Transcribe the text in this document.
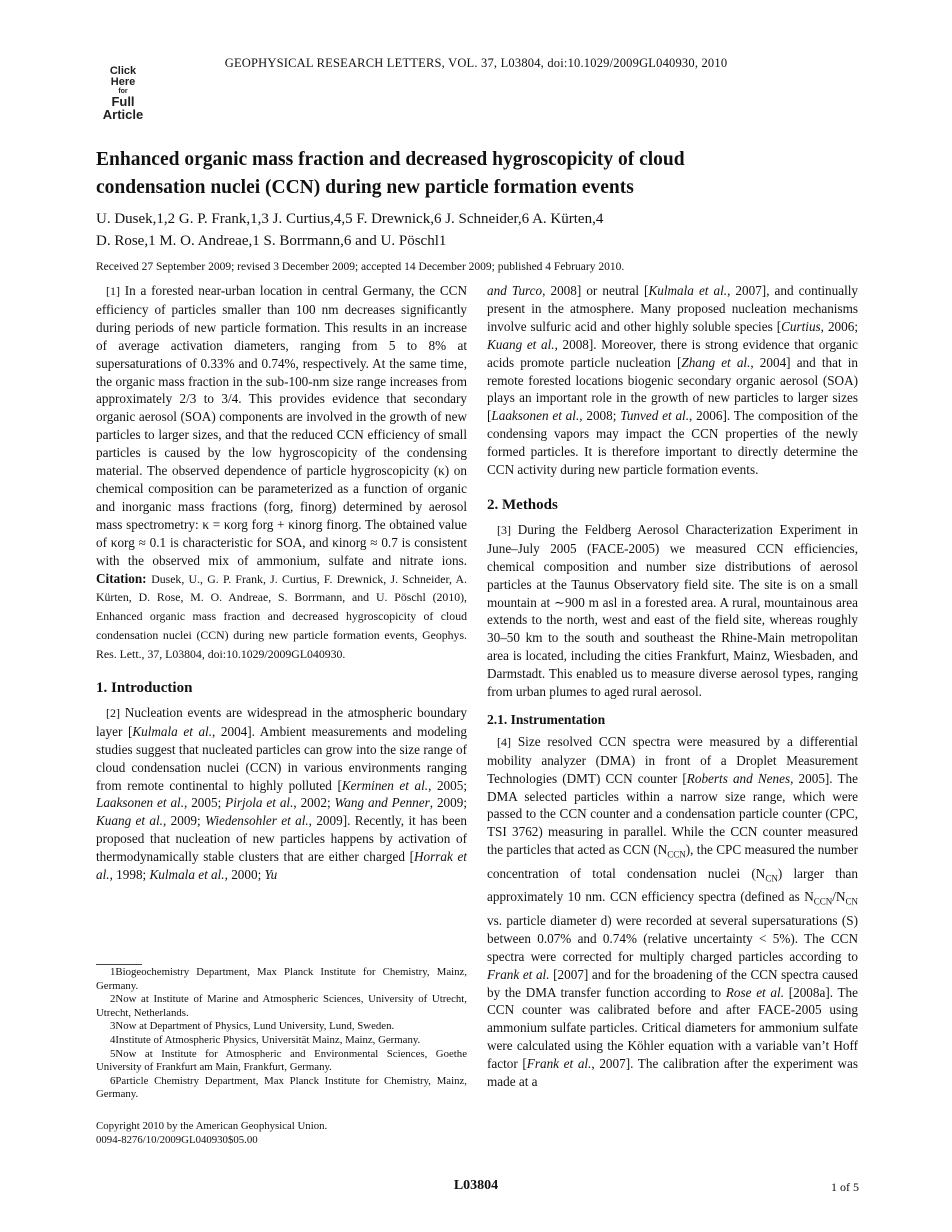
GEOPHYSICAL RESEARCH LETTERS, VOL. 37, L03804, doi:10.1029/2009GL040930, 2010
Click
Here
for
Full
Article
Enhanced organic mass fraction and decreased hygroscopicity of cloud
condensation nuclei (CCN) during new particle formation events
U. Dusek,1,2 G. P. Frank,1,3 J. Curtius,4,5 F. Drewnick,6 J. Schneider,6 A. Kürten,4
D. Rose,1 M. O. Andreae,1 S. Borrmann,6 and U. Pöschl1
Received 27 September 2009; revised 3 December 2009; accepted 14 December 2009; published 4 February 2010.

[1] In a forested near-urban location in central Germany, the CCN efficiency of particles smaller than 100 nm decreases significantly during periods of new particle formation. This results in an increase of average activation diameters, ranging from 5 to 8% at supersaturations of 0.33% and 0.74%, respectively. At the same time, the organic mass fraction in the sub-100-nm size range increases from approximately 2/3 to 3/4. This provides evidence that secondary organic aerosol (SOA) components are involved in the growth of new particles to larger sizes, and that the reduced CCN efficiency of small particles is caused by the low hygroscopicity of the condensing material. The observed dependence of particle hygroscopicity (κ) on chemical composition can be parameterized as a function of organic and inorganic mass fractions (forg, finorg) determined by aerosol mass spectrometry: κ = κorg forg + κinorg finorg. The obtained value of κorg ≈ 0.1 is characteristic for SOA, and κinorg ≈ 0.7 is consistent with the observed mix of ammonium, sulfate and nitrate ions. Citation: Dusek, U., G. P. Frank, J. Curtius, F. Drewnick, J. Schneider, A. Kürten, D. Rose, M. O. Andreae, S. Borrmann, and U. Pöschl (2010), Enhanced organic mass fraction and decreased hygroscopicity of cloud condensation nuclei (CCN) during new particle formation events, Geophys. Res. Lett., 37, L03804, doi:10.1029/2009GL040930.

1. Introduction

[2] Nucleation events are widespread in the atmospheric boundary layer [Kulmala et al., 2004]. Ambient measurements and modeling studies suggest that nucleated particles can grow into the size range of cloud condensation nuclei (CCN) in various environments ranging from remote continental to highly polluted [Kerminen et al., 2005; Laaksonen et al., 2005; Pirjola et al., 2002; Wang and Penner, 2009; Kuang et al., 2009; Wiedensohler et al., 2009]. Recently, it has been proposed that nucleation of new particles happens by activation of thermodynamically stable clusters that are either charged [Horrak et al., 1998; Kulmala et al., 2000; Yu

1Biogeochemistry Department, Max Planck Institute for Chemistry, Mainz, Germany.
2Now at Institute of Marine and Atmospheric Sciences, University of Utrecht, Utrecht, Netherlands.
3Now at Department of Physics, Lund University, Lund, Sweden.
4Institute of Atmospheric Physics, Universität Mainz, Mainz, Germany.
5Now at Institute for Atmospheric and Environmental Sciences, Goethe University of Frankfurt am Main, Frankfurt, Germany.
6Particle Chemistry Department, Max Planck Institute for Chemistry, Mainz, Germany.
Copyright 2010 by the American Geophysical Union.
0094-8276/10/2009GL040930$05.00

and Turco, 2008] or neutral [Kulmala et al., 2007], and continually present in the atmosphere. Many proposed nucleation mechanisms involve sulfuric acid and other highly soluble species [Curtius, 2006; Kuang et al., 2008]. Moreover, there is strong evidence that organic acids promote particle nucleation [Zhang et al., 2004] and that in remote forested locations biogenic secondary organic aerosol (SOA) plays an important role in the growth of new particles to larger sizes [Laaksonen et al., 2008; Tunved et al., 2006]. The composition of the condensing vapors may impact the CCN properties of the newly formed particles. It is therefore important to directly determine the CCN activity during new particle formation events.

2. Methods

[3] During the Feldberg Aerosol Characterization Experiment in June–July 2005 (FACE-2005) we measured CCN efficiencies, chemical composition and number size distributions of aerosol particles at the Taunus Observatory field site. The site is on a small mountain at ∼900 m asl in a forested area. A rural, mountainous area extends to the north, west and east of the field site, whereas roughly 30–50 km to the south and southeast the Rhine-Main metropolitan area is located, including the cities Frankfurt, Mainz, Wiesbaden, and Darmstadt. This enabled us to measure diverse aerosol types, ranging from urban plumes to aged rural aerosol.

2.1. Instrumentation

[4] Size resolved CCN spectra were measured by a differential mobility analyzer (DMA) in front of a Droplet Measurement Technologies (DMT) CCN counter [Roberts and Nenes, 2005]. The DMA selected particles within a narrow size range, which were passed to the CCN counter and a condensation particle counter (CPC, TSI 3762) measuring in parallel. While the CCN counter measured the particles that acted as CCN $(N_{CCN})$, the CPC measured the number concentration of total condensation nuclei $(N_{CN})$ larger than approximately 10 nm. CCN efficiency spectra (defined as $N_{CCN}/N_{CN}$ vs. particle diameter d) were recorded at several supersaturations (S) between 0.07% and 0.74% (relative uncertainty < 5%). The CCN spectra were corrected for multiply charged particles according to Frank et al. [2007] and for the broadening of the CCN spectra caused by the DMA transfer function according to Rose et al. [2008a]. The CCN counter was calibrated before and after FACE-2005 using ammonium sulfate particles. Critical diameters for ammonium sulfate were calculated using the Köhler equation with a variable van’t Hoff factor [Frank et al., 2007]. The calibration after the experiment was made at a

L03804	1 of 5
